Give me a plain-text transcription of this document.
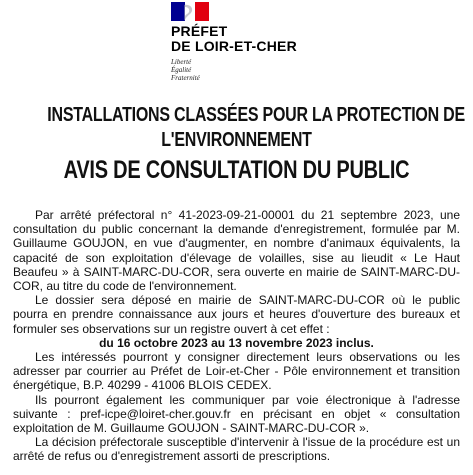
PRÉFET
DE LOIR-ET-CHER
Liberté
Égalité
Fraternité
INSTALLATIONS CLASSÉES POUR LA PROTECTION DE
L'ENVIRONNEMENT
AVIS DE CONSULTATION DU PUBLIC

Par arrêté préfectoral n° 41-2023-09-21-00001 du 21 septembre 2023, une consultation du public concernant la demande d'enregistrement, formulée par M. Guillaume GOUJON, en vue d'augmenter, en nombre d'animaux équivalents, la capacité de son exploitation d'élevage de volailles, sise au lieudit « Le Haut Beaufeu » à SAINT-MARC-DU-COR, sera ouverte en mairie de SAINT-MARC-DU-COR, au titre du code de l'environnement.

Le dossier sera déposé en mairie de SAINT-MARC-DU-COR où le public pourra en prendre connaissance aux jours et heures d'ouverture des bureaux et formuler ses observations sur un registre ouvert à cet effet :

du 16 octobre 2023 au 13 novembre 2023 inclus.

Les intéressés pourront y consigner directement leurs observations ou les adresser par courrier au Préfet de Loir-et-Cher - Pôle environnement et transition énergétique, B.P. 40299 - 41006 BLOIS CEDEX.

Ils pourront également les communiquer par voie électronique à l'adresse suivante : pref-icpe@loiret-cher.gouv.fr en précisant en objet « consultation exploitation de M. Guillaume GOUJON - SAINT-MARC-DU-COR ».

La décision préfectorale susceptible d'intervenir à l'issue de la procédure est un arrêté de refus ou d'enregistrement assorti de prescriptions.
